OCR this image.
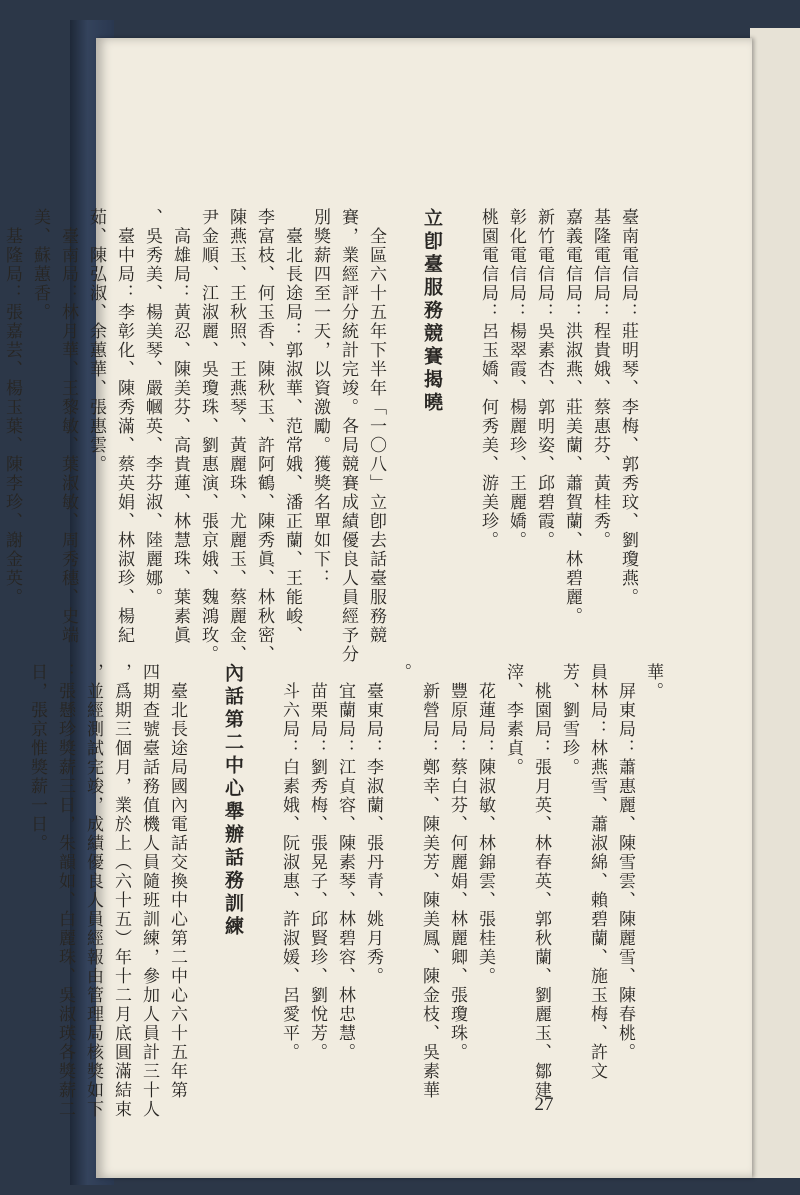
臺南電信局：莊明琴、李梅、郭秀玟、劉瓊燕。
基隆電信局：程貴娥、蔡惠芬、黃桂秀。
嘉義電信局：洪淑燕、莊美蘭、蕭賀蘭、林碧麗。
新竹電信局：吳素杏、郭明姿、邱碧霞。
彰化電信局：楊翠霞、楊麗珍、王麗嬌。
桃園電信局：呂玉嬌、何秀美、游美珍。

立卽臺服務競賽揭曉

　全區六十五年下半年「一〇八」立卽去話臺服務競
賽，業經評分統計完竣。各局競賽成績優良人員經予分
別獎薪四至一天，以資激勵。獲獎名單如下：
　臺北長途局：郭淑華、范常娥、潘正蘭、王能峻、
李富枝、何玉香、陳秋玉、許阿鶴、陳秀眞、林秋密、
陳燕玉、王秋照、王燕琴、黃麗珠、尤麗玉、蔡麗金、
尹金順、江淑麗、吳瓊珠、劉惠演、張京娥、魏鴻玫。
　高雄局：黃忍、陳美芬、高貴蓮、林慧珠、葉素眞
、吳秀美、楊美琴、嚴幗英、李芬淑、陸麗娜。
　臺中局：李彰化、陳秀滿、蔡英娟、林淑珍、楊紀
茹、陳弘淑、余蕙華、張惠雲。
　臺南局：林月華、王黎敏、葉淑敏、周秀穗、史端
美、蘇蕙香。
　基隆局：張嘉芸、楊玉葉、陳李珍、謝金英。
華。
　屏東局：蕭惠麗、陳雪雲、陳麗雪、陳春桃。
員林局：林燕雪、蕭淑綿、賴碧蘭、施玉梅、許文
芳、劉雪珍。
　桃園局：張月英、林春英、郭秋蘭、劉麗玉、鄒建
滓、李素貞。
　花蓮局：陳淑敏、林錦雲、張桂美。
　豐原局：蔡白芬、何麗娟、林麗卿、張瓊珠。
　新營局：鄭幸、陳美芳、陳美鳳、陳金枝、吳素華
。
　臺東局：李淑蘭、張丹青、姚月秀。
　宜蘭局：江貞容、陳素琴、林碧容、林忠慧。
　苗栗局：劉秀梅、張晃子、邱賢珍、劉悅芳。
　斗六局：白素娥、阮淑惠、許淑媛、呂愛平。

內話第二中心舉辦話務訓練

　臺北長途局國內電話交換中心第二中心六十五年第
四期查號臺話務值機人員隨班訓練，參加人員計三十人
，爲期三個月，業於上（六十五）年十二月底圓滿結束
，並經測試完竣，成績優良人員經報由管理局核獎如下
：張懸珍獎薪三日，朱韻如、白麗珠、吳淑瑛各獎薪二
日，張京惟獎薪一日。

27
